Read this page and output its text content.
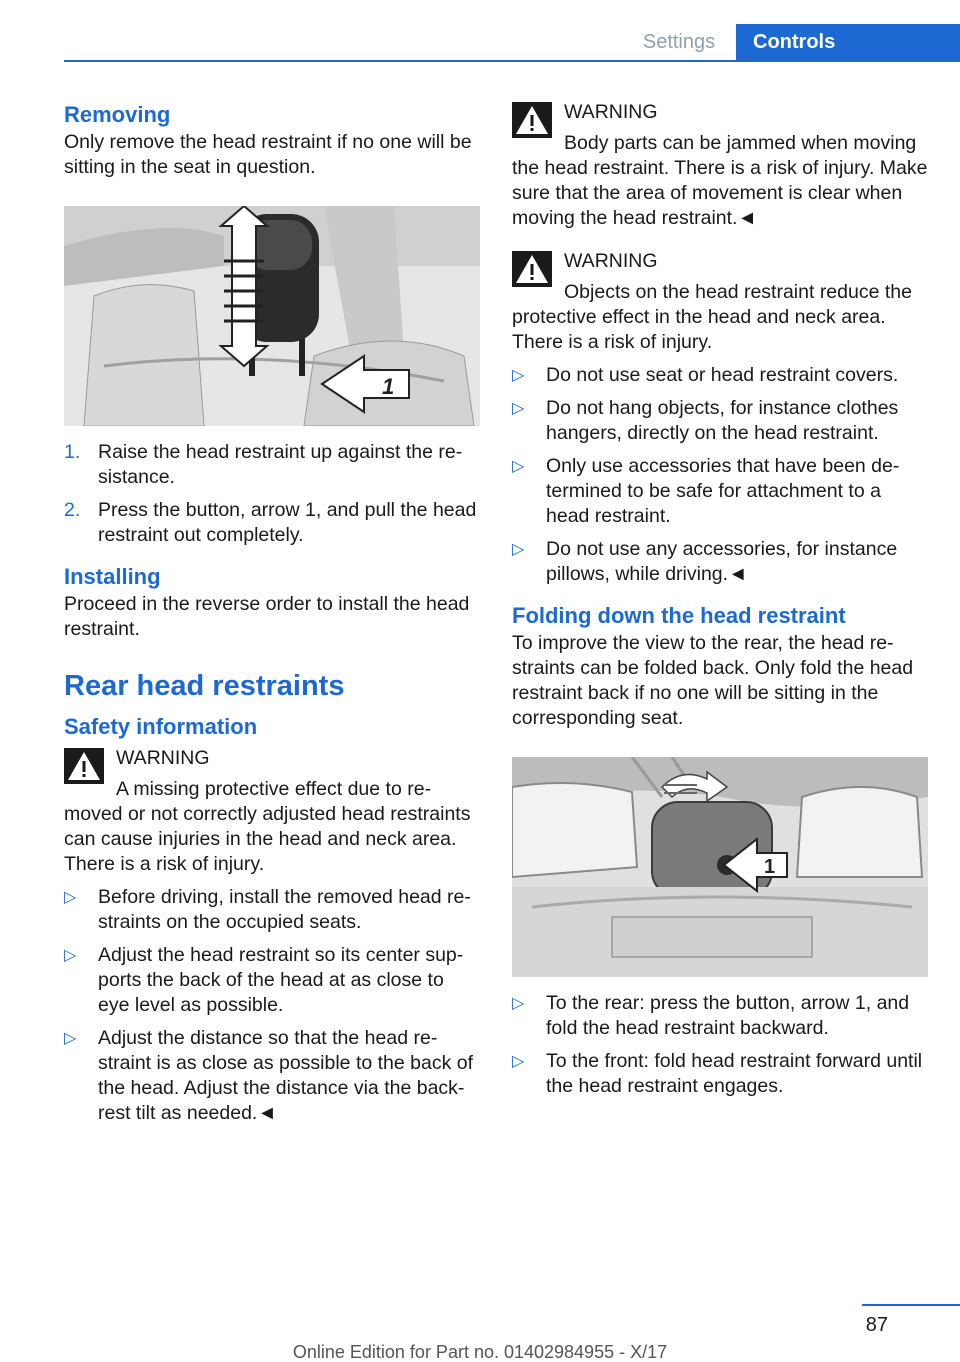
Settings	Controls
Removing

Only remove the head restraint if no one will be sitting in the seat in question.

1
1. Raise the head restraint up against the resistance.
2. Press the button, arrow 1, and pull the head restraint out completely.
Installing

Proceed in the reverse order to install the head restraint.

Rear head restraints
Safety information
WARNING
A missing protective effect due to removed or not correctly adjusted head restraints can cause injuries in the head and neck area. There is a risk of injury.
▷ Before driving, install the removed head restraints on the occupied seats.
▷ Adjust the head restraint so its center supports the back of the head at as close to eye level as possible.
▷ Adjust the distance so that the head restraint is as close as possible to the back of the head. Adjust the distance via the backrest tilt as needed.◄
WARNING
Body parts can be jammed when moving the head restraint. There is a risk of injury. Make sure that the area of movement is clear when moving the head restraint.◄
WARNING
Objects on the head restraint reduce the protective effect in the head and neck area. There is a risk of injury.
▷ Do not use seat or head restraint covers.
▷ Do not hang objects, for instance clothes hangers, directly on the head restraint.
▷ Only use accessories that have been determined to be safe for attachment to a head restraint.
▷ Do not use any accessories, for instance pillows, while driving.◄
Folding down the head restraint

To improve the view to the rear, the head restraints can be folded back. Only fold the head restraint back if no one will be sitting in the corresponding seat.

1
▷ To the rear: press the button, arrow 1, and fold the head restraint backward.
▷ To the front: fold head restraint forward until the head restraint engages.
87
Online Edition for Part no. 01402984955 - X/17
